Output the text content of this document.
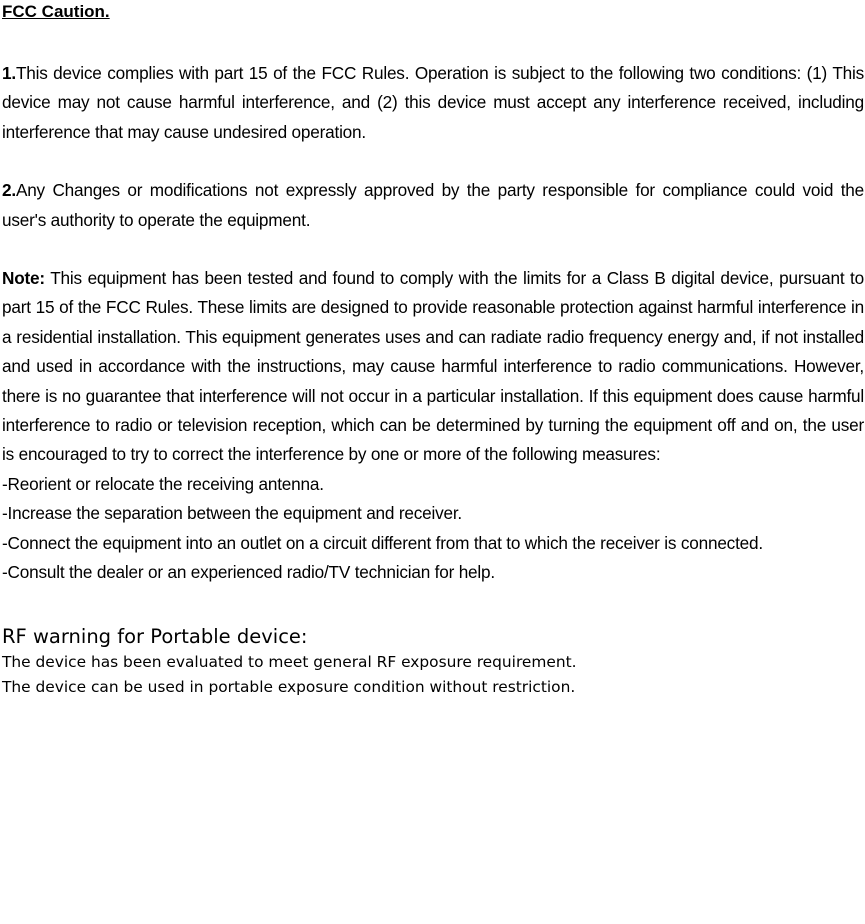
FCC Caution.

1.This device complies with part 15 of the FCC Rules. Operation is subject to the following two conditions: (1) This device may not cause harmful interference, and (2) this device must accept any interference received, including interference that may cause undesired operation.

2.Any Changes or modifications not expressly approved by the party responsible for compliance could void the user's authority to operate the equipment.

Note: This equipment has been tested and found to comply with the limits for a Class B digital device, pursuant to part 15 of the FCC Rules. These limits are designed to provide reasonable protection against harmful interference in a residential installation. This equipment generates uses and can radiate radio frequency energy and, if not installed and used in accordance with the instructions, may cause harmful interference to radio communications. However, there is no guarantee that interference will not occur in a particular installation. If this equipment does cause harmful interference to radio or television reception, which can be determined by turning the equipment off and on, the user is encouraged to try to correct the interference by one or more of the following measures:

-Reorient or relocate the receiving antenna.

-Increase the separation between the equipment and receiver.

-Connect the equipment into an outlet on a circuit different from that to which the receiver is connected.

-Consult the dealer or an experienced radio/TV technician for help.

RF warning for Portable device:

The device has been evaluated to meet general RF exposure requirement.

The device can be used in portable exposure condition without restriction.
